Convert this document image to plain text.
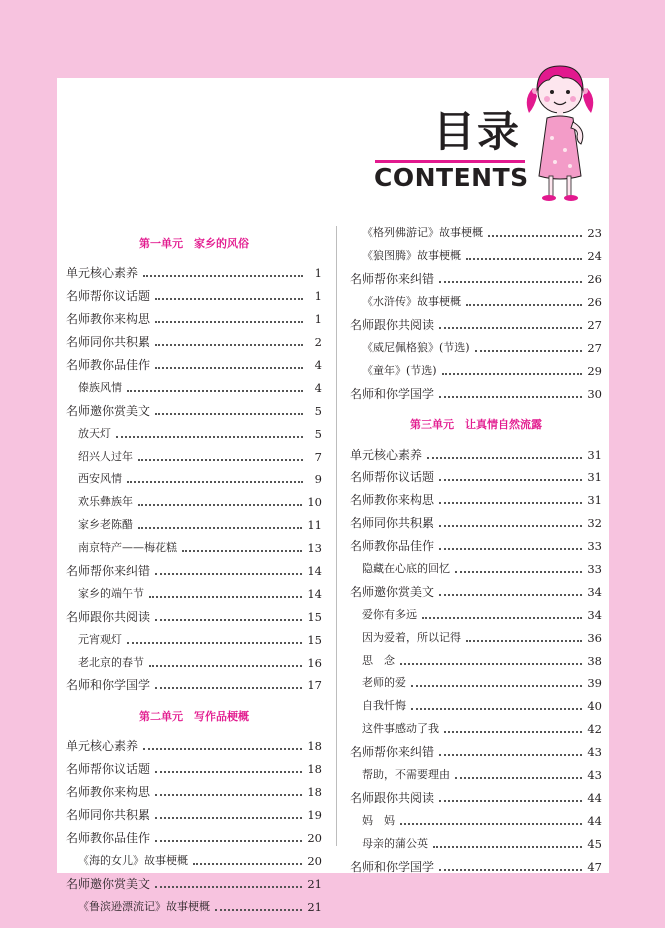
目录
CONTENTS
第一单元　家乡的风俗
单元核心素养	1
名师帮你议话题	1
名师教你来构思	1
名师同你共积累	2
名师教你品佳作	4
傣族风情	4
名师邀你赏美文	5
放天灯	5
绍兴人过年	7
西安风情	9
欢乐彝族年	10
家乡老陈醋	11
南京特产——梅花糕	13
名师帮你来纠错	14
家乡的端午节	14
名师跟你共阅读	15
元宵观灯	15
老北京的春节	16
名师和你学国学	17
第二单元　写作品梗概
单元核心素养	18
名师帮你议话题	18
名师教你来构思	18
名师同你共积累	19
名师教你品佳作	20
《海的女儿》故事梗概	20
名师邀你赏美文	21
《鲁滨逊漂流记》故事梗概	21
《格列佛游记》故事梗概	23
《狼图腾》故事梗概	24
名师帮你来纠错	26
《水浒传》故事梗概	26
名师跟你共阅读	27
《威尼佩格狼》(节选)	27
《童年》(节选)	29
名师和你学国学	30
第三单元　让真情自然流露
单元核心素养	31
名师帮你议话题	31
名师教你来构思	31
名师同你共积累	32
名师教你品佳作	33
隐藏在心底的回忆	33
名师邀你赏美文	34
爱你有多远	34
因为爱着，所以记得	36
思　念	38
老师的爱	39
自我忏悔	40
这件事感动了我	42
名师帮你来纠错	43
帮助，不需要理由	43
名师跟你共阅读	44
妈　妈	44
母亲的蒲公英	45
名师和你学国学	47
